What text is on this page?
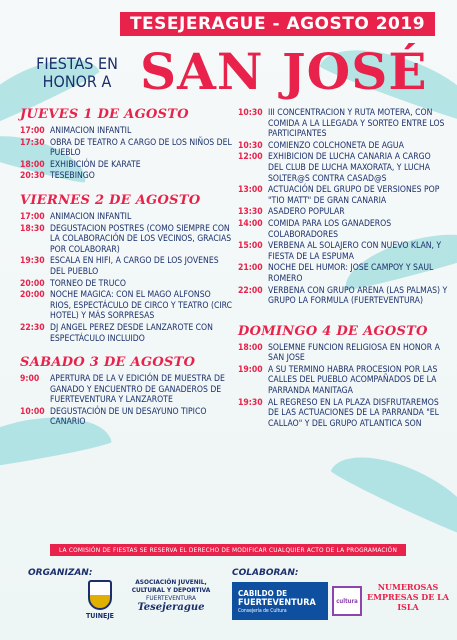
TESEJERAGUE - AGOSTO 2019
FIESTAS EN
HONOR A SAN JOSÉ
JUEVES 1 DE AGOSTO
17:00 ANIMACION INFANTIL
17:30 OBRA DE TEATRO A CARGO DE LOS NIÑOS DEL PUEBLO
18:00 EXHIBICIÓN DE KARATE
20:30 TESEBINGO
VIERNES 2 DE AGOSTO
17:00 ANIMACION INFANTIL
18:30 DEGUSTACION POSTRES (COMO SIEMPRE CON LA COLABORACIÓN DE LOS VECINOS, GRACIAS POR COLABORAR)
19:30 ESCALA EN HIFI, A CARGO DE LOS JOVENES DEL PUEBLO
20:00 TORNEO DE TRUCO
20:00 NOCHE MAGICA: CON EL MAGO ALFONSO RIOS, ESPECTÁCULO DE CIRCO Y TEATRO (CIRC HOTEL) Y MÁS SORPRESAS
22:30 DJ ANGEL PEREZ DESDE LANZAROTE CON ESPECTÁCULO INCLUIDO
SABADO 3 DE AGOSTO
9:00	APERTURA DE LA V EDICIÓN DE MUESTRA DE GANADO Y ENCUENTRO DE GANADEROS DE FUERTEVENTURA Y LANZAROTE
10:00 DEGUSTACIÓN DE UN DESAYUNO TIPICO CANARIO
10:30 III CONCENTRACION Y RUTA MOTERA, CON COMIDA A LA LLEGADA Y SORTEO ENTRE LOS PARTICIPANTES
10:30 COMIENZO COLCHONETA DE AGUA
12:00 EXHIBICION DE LUCHA CANARIA A CARGO DEL CLUB DE LUCHA MAXORATA, Y LUCHA SOLTER@S CONTRA CASAD@S
13:00 ACTUACIÓN DEL GRUPO DE VERSIONES POP "TIO MATT" DE GRAN CANARIA
13:30 ASADERO POPULAR
14:00 COMIDA PARA LOS GANADEROS COLABORADORES
15:00 VERBENA AL SOLAJERO CON NUEVO KLAN, Y FIESTA DE LA ESPUMA
21:00 NOCHE DEL HUMOR: JOSE CAMPOY Y SAUL ROMERO
22:00 VERBENA CON GRUPO ARENA (LAS PALMAS) Y GRUPO LA FORMULA (FUERTEVENTURA)
DOMINGO 4 DE AGOSTO
18:00 SOLEMNE FUNCION RELIGIOSA EN HONOR A SAN JOSE
19:00 A SU TERMINO HABRA PROCESION POR LAS CALLES DEL PUEBLO ACOMPAÑADOS DE LA PARRANDA MANITAGA
19:30 AL REGRESO EN LA PLAZA DISFRUTAREMOS DE LAS ACTUACIONES DE LA PARRANDA "EL CALLAO" Y DEL GRUPO ATLANTICA SON
LA COMISIÓN DE FIESTAS SE RESERVA EL DERECHO DE MODIFICAR CUALQUIER ACTO DE LA PROGRAMACIÓN
ORGANIZAN:
TUINEJE
ASOCIACIÓN JUVENIL, CULTURAL Y DEPORTIVA
FUERTEVENTURA
Tesejerague
COLABORAN:
CABILDO DE
FUERTEVENTURA
Consejería de Cultura
cultura
NUMEROSAS EMPRESAS DE LA ISLA
